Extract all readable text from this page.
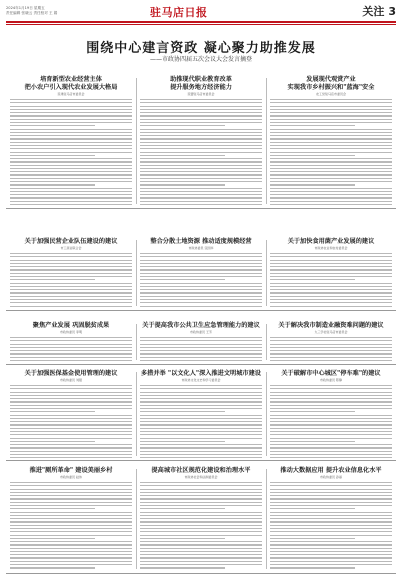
2024年1月19日 星期五
责任编辑 张晓云 责任校对 王 娟	驻马店日报	关注 3
围绕中心建言资政 凝心聚力助推发展
——市政协四届五次会议大会发言摘登
培育新型农业经营主体
把小农户引入现代农业发展大格局
民建驻马店市委员会
助推现代职业教育改革
提升服务地方经济能力
民盟驻马店市委员会
发展现代观赏产业
实现我市乡村振兴和"蓝海"安全
农工党驻马店市委员会
关于加强民营企业队伍建设的建议
市工商业联合会
整合分散土地资源 推动适度规模经营
市政协委员 张国华
关于加快食用菌产业发展的建议
市政协农业和农村委员会
聚焦产业发展 巩固脱贫成果
市政协委员 李明
关于提高我市公共卫生应急管理能力的建议
市政协委员 王芳
关于解决我市制造业融资难问题的建议
九三学社驻马店市委员会
关于加强医保基金使用管理的建议
市政协委员 刘强
多措并举 "以文化人"深入推进文明城市建设
市政协文化文史和学习委员会
关于破解市中心城区"停车难"的建议
市政协委员 陈静
推进"厕所革命" 建设美丽乡村
市政协委员 赵伟
提高城市社区规范化建设和治理水平
市政协社会和法制委员会
推动大数据应用 提升农业信息化水平
市政协委员 孙丽
